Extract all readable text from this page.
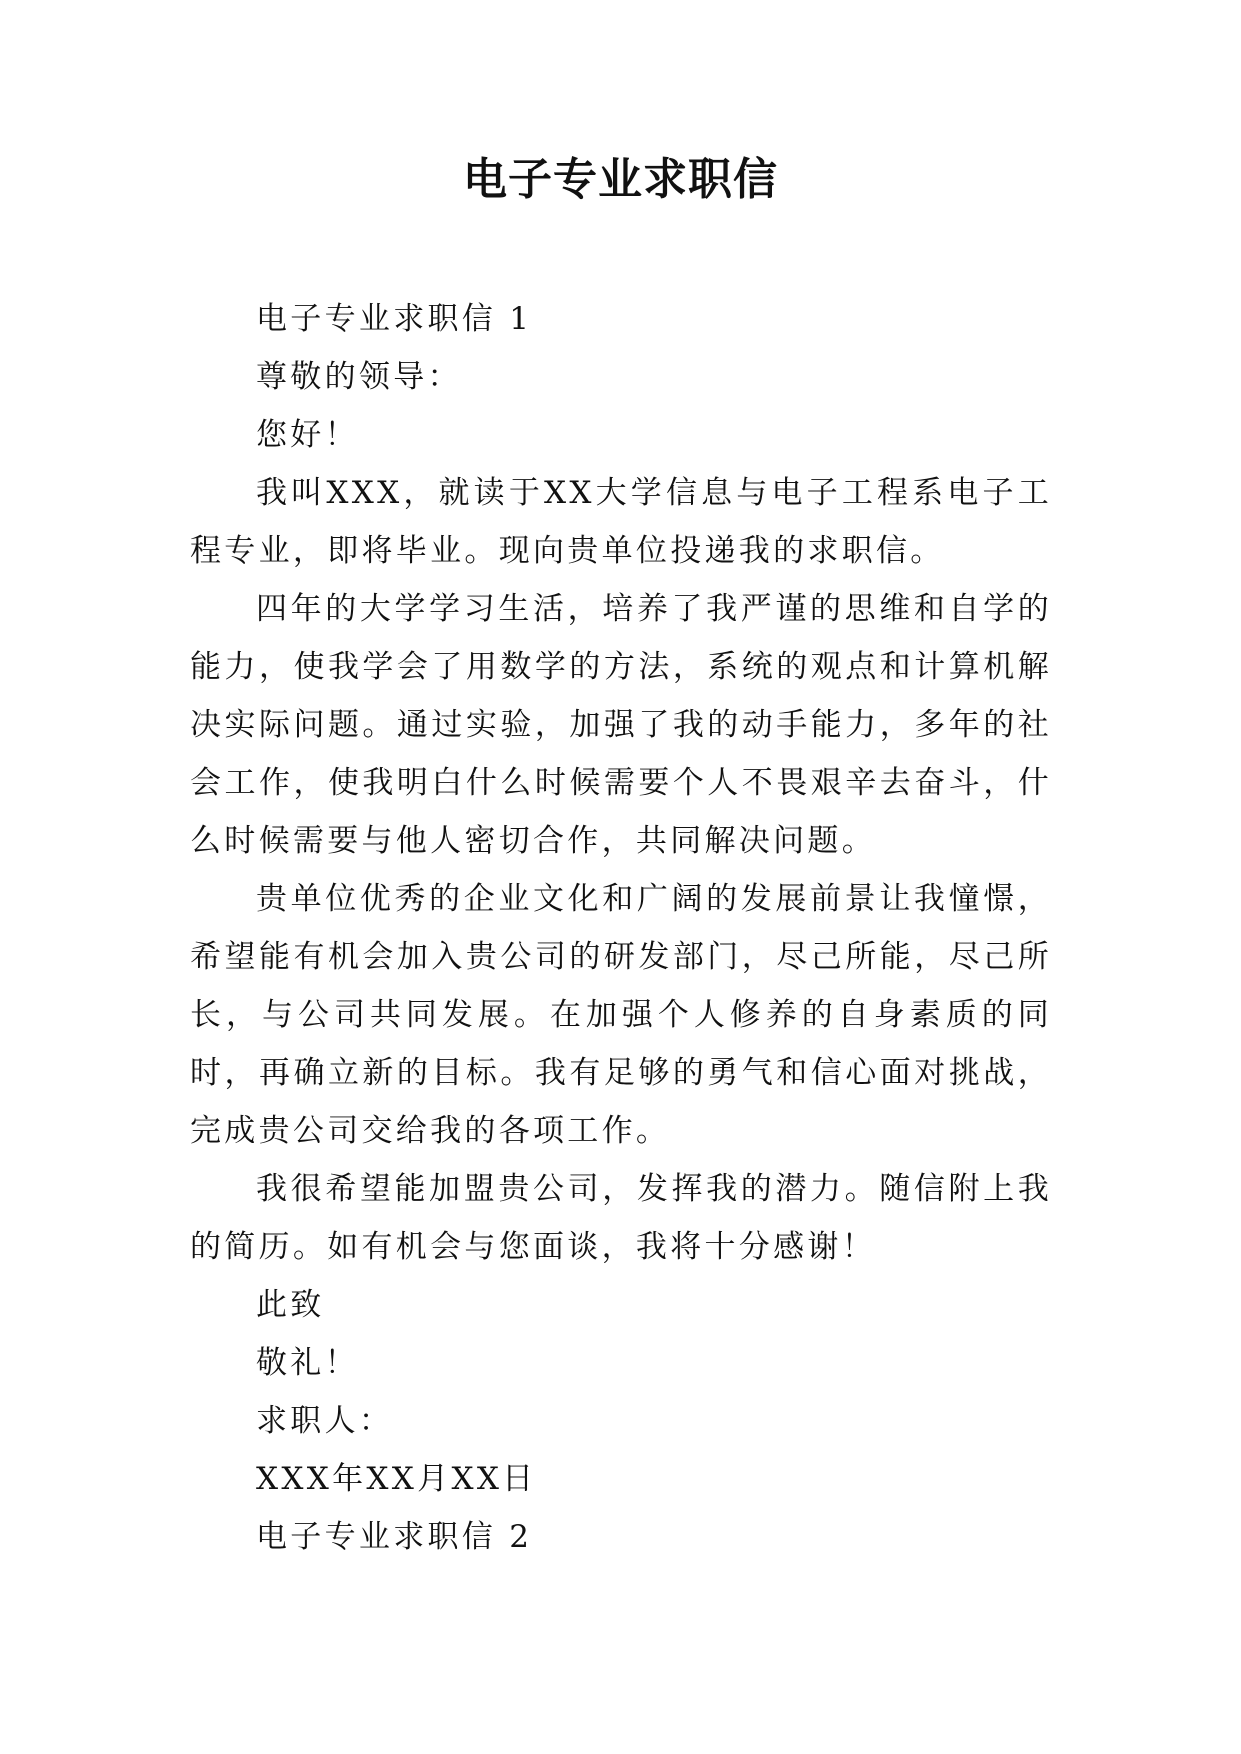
电子专业求职信

电子专业求职信 1

尊敬的领导：

您好！

我叫XXX，就读于XX大学信息与电子工程系电子工程专业，即将毕业。现向贵单位投递我的求职信。

四年的大学学习生活，培养了我严谨的思维和自学的能力，使我学会了用数学的方法，系统的观点和计算机解决实际问题。通过实验，加强了我的动手能力，多年的社会工作，使我明白什么时候需要个人不畏艰辛去奋斗，什么时候需要与他人密切合作，共同解决问题。

贵单位优秀的企业文化和广阔的发展前景让我憧憬，希望能有机会加入贵公司的研发部门，尽己所能，尽己所长，与公司共同发展。在加强个人修养的自身素质的同时，再确立新的目标。我有足够的勇气和信心面对挑战，完成贵公司交给我的各项工作。

我很希望能加盟贵公司，发挥我的潜力。随信附上我的简历。如有机会与您面谈，我将十分感谢！

此致

敬礼！

求职人：

XXX年XX月XX日

电子专业求职信 2
